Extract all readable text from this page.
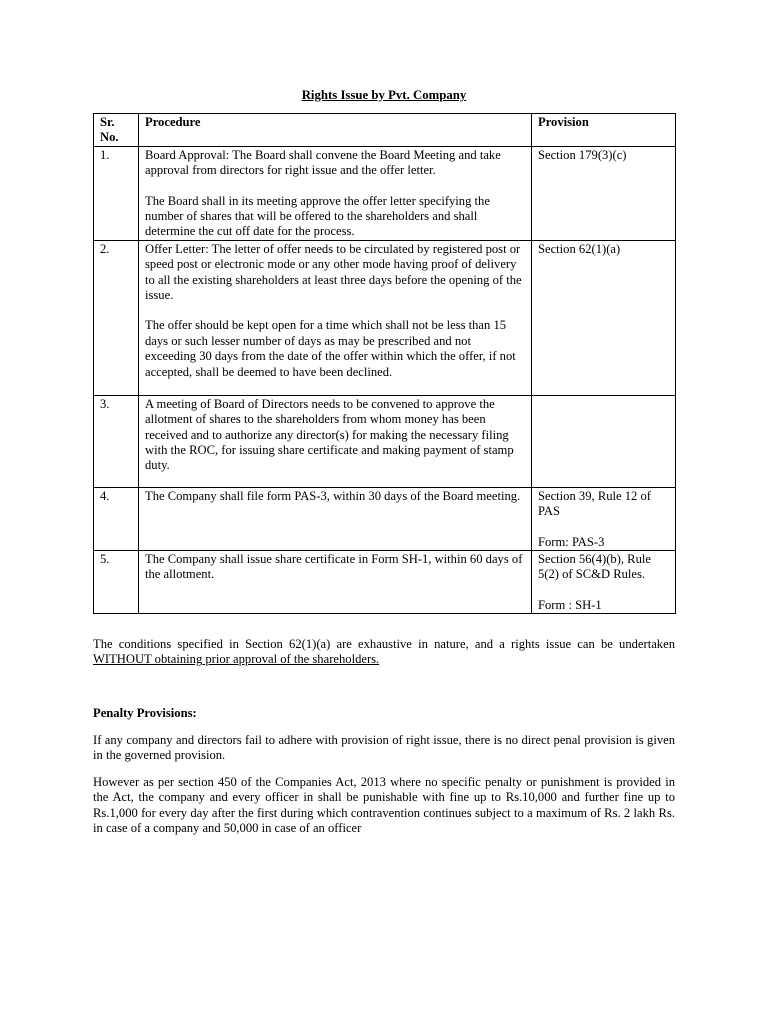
Rights Issue by Pvt. Company
Sr. No.	Procedure	Provision
1.	Board Approval: The Board shall convene the Board Meeting and take approval from directors for right issue and the offer letter.

The Board shall in its meeting approve the offer letter specifying the number of shares that will be offered to the shareholders and shall determine the cut off date for the process.	Section 179(3)(c)

2.	Offer Letter: The letter of offer needs to be circulated by registered post or speed post or electronic mode or any other mode having proof of delivery to all the existing shareholders at least three days before the opening of the issue.

The offer should be kept open for a time which shall not be less than 15 days or such lesser number of days as may be prescribed and not exceeding 30 days from the date of the offer within which the offer, if not accepted, shall be deemed to have been declined.	Section 62(1)(a)

3.	A meeting of Board of Directors needs to be convened to approve the allotment of shares to the shareholders from whom money has been received and to authorize any director(s) for making the necessary filing with the ROC, for issuing share certificate and making payment of stamp duty.	

4.	The Company shall file form PAS-3, within 30 days of the Board meeting.	Section 39, Rule 12 of PAS

Form: PAS-3

5.	The Company shall issue share certificate in Form SH-1, within 60 days of the allotment.	Section 56(4)(b), Rule 5(2) of SC&D Rules.

Form : SH-1

The conditions specified in Section 62(1)(a) are exhaustive in nature, and a rights issue can be undertaken WITHOUT obtaining prior approval of the shareholders.
Penalty Provisions:
If any company and directors fail to adhere with provision of right issue, there is no direct penal provision is given in the governed provision.
However as per section 450 of the Companies Act, 2013 where no specific penalty or punishment is provided in the Act, the company and every officer in shall be punishable with fine up to Rs.10,000 and further fine up to Rs.1,000 for every day after the first during which contravention continues subject to a maximum of Rs. 2 lakh Rs. in case of a company and 50,000 in case of an officer
